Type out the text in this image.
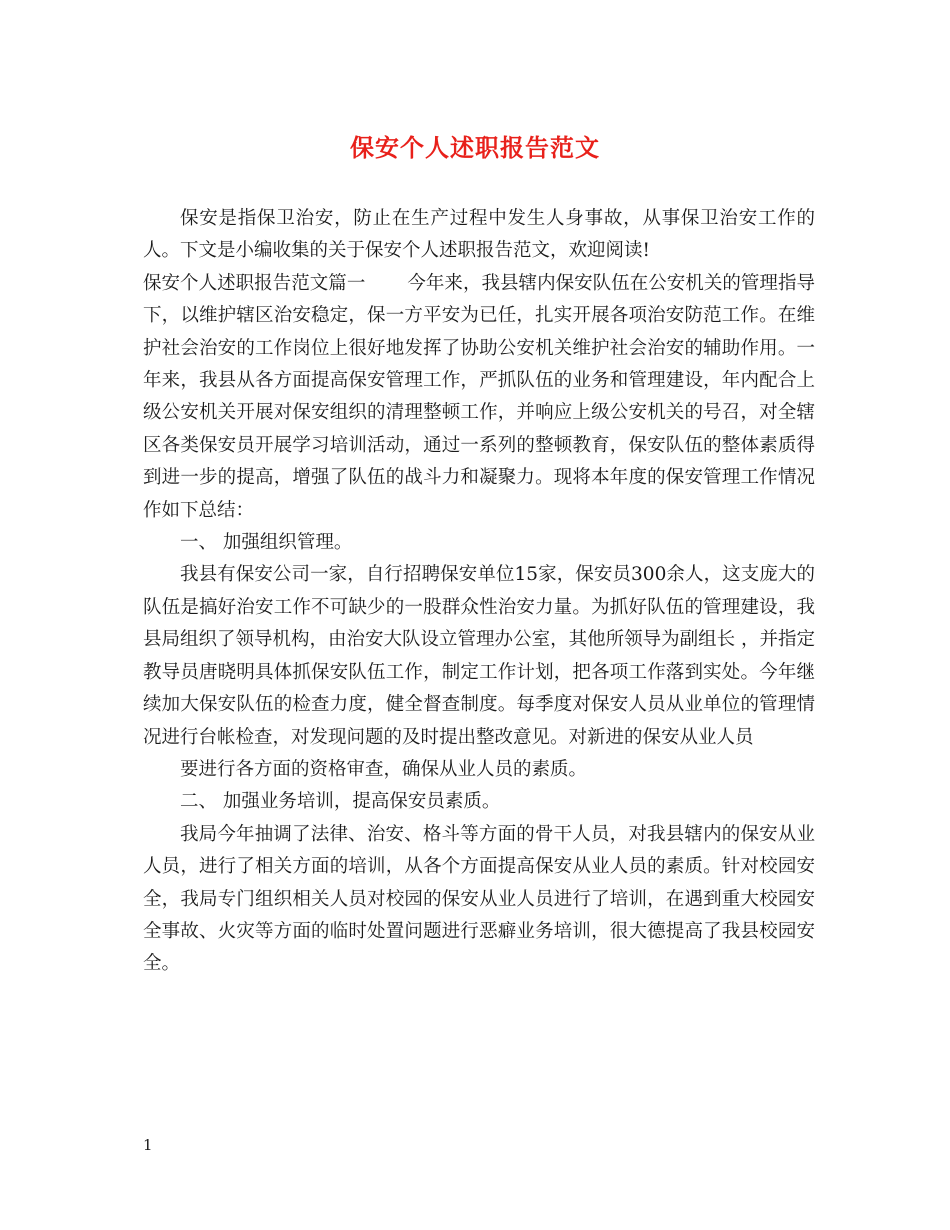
保安个人述职报告范文

保安是指保卫治安，防止在生产过程中发生人身事故，从事保卫治安工作的人。下文是小编收集的关于保安个人述职报告范文，欢迎阅读!

保安个人述职报告范文篇一 今年来，我县辖内保安队伍在公安机关的管理指导下，以维护辖区治安稳定，保一方平安为已任，扎实开展各项治安防范工作。在维护社会治安的工作岗位上很好地发挥了协助公安机关维护社会治安的辅助作用。一年来，我县从各方面提高保安管理工作，严抓队伍的业务和管理建设，年内配合上级公安机关开展对保安组织的清理整顿工作，并响应上级公安机关的号召，对全辖区各类保安员开展学习培训活动，通过一系列的整顿教育，保安队伍的整体素质得到进一步的提高，增强了队伍的战斗力和凝聚力。现将本年度的保安管理工作情况作如下总结：

一、 加强组织管理。

我县有保安公司一家，自行招聘保安单位15家，保安员300余人，这支庞大的队伍是搞好治安工作不可缺少的一股群众性治安力量。为抓好队伍的管理建设，我县局组织了领导机构，由治安大队设立管理办公室，其他所领导为副组长 ，并指定教导员唐晓明具体抓保安队伍工作，制定工作计划，把各项工作落到实处。今年继续加大保安队伍的检查力度，健全督查制度。每季度对保安人员从业单位的管理情况进行台帐检查，对发现问题的及时提出整改意见。对新进的保安从业人员

要进行各方面的资格审查，确保从业人员的素质。

二、 加强业务培训，提高保安员素质。

我局今年抽调了法律、治安、格斗等方面的骨干人员，对我县辖内的保安从业人员，进行了相关方面的培训，从各个方面提高保安从业人员的素质。针对校园安全，我局专门组织相关人员对校园的保安从业人员进行了培训，在遇到重大校园安全事故、火灾等方面的临时处置问题进行恶癖业务培训，很大德提高了我县校园安全。

1
